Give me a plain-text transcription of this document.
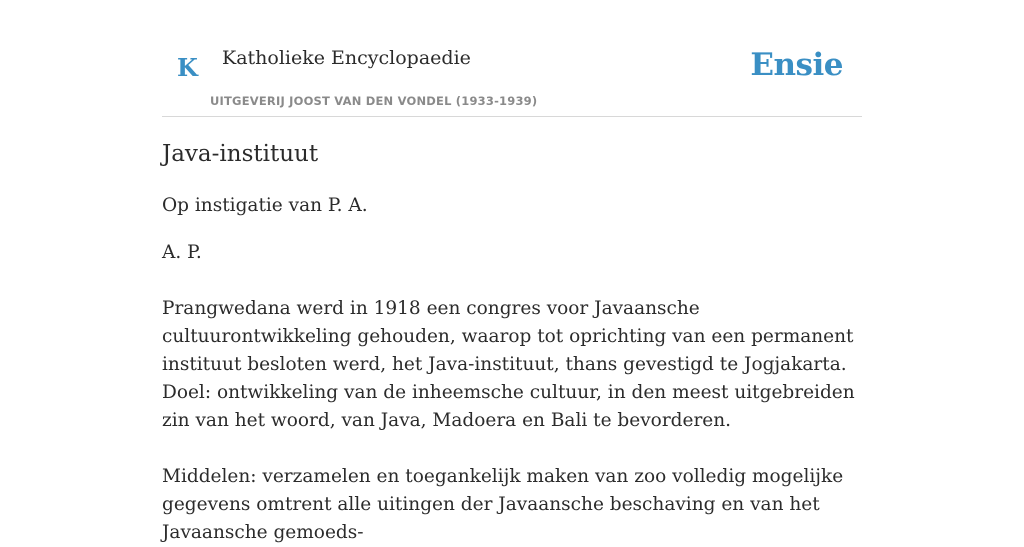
K Katholieke Encyclopaedie
UITGEVERIJ JOOST VAN DEN VONDEL (1933-1939)
Ensie
Java-instituut

Op instigatie van P. A.

A. P.

Prangwedana werd in 1918 een congres voor Javaansche cultuurontwikkeling gehouden, waarop tot oprichting van een permanent instituut besloten werd, het Java-instituut, thans gevestigd te Jogjakarta. Doel: ontwikkeling van de inheemsche cultuur, in den meest uitgebreiden zin van het woord, van Java, Madoera en Bali te bevorderen.

Middelen: verzamelen en toegankelijk maken van zoo volledig mogelijke gegevens omtrent alle uitingen der Javaansche beschaving en van het Javaansche gemoeds-
